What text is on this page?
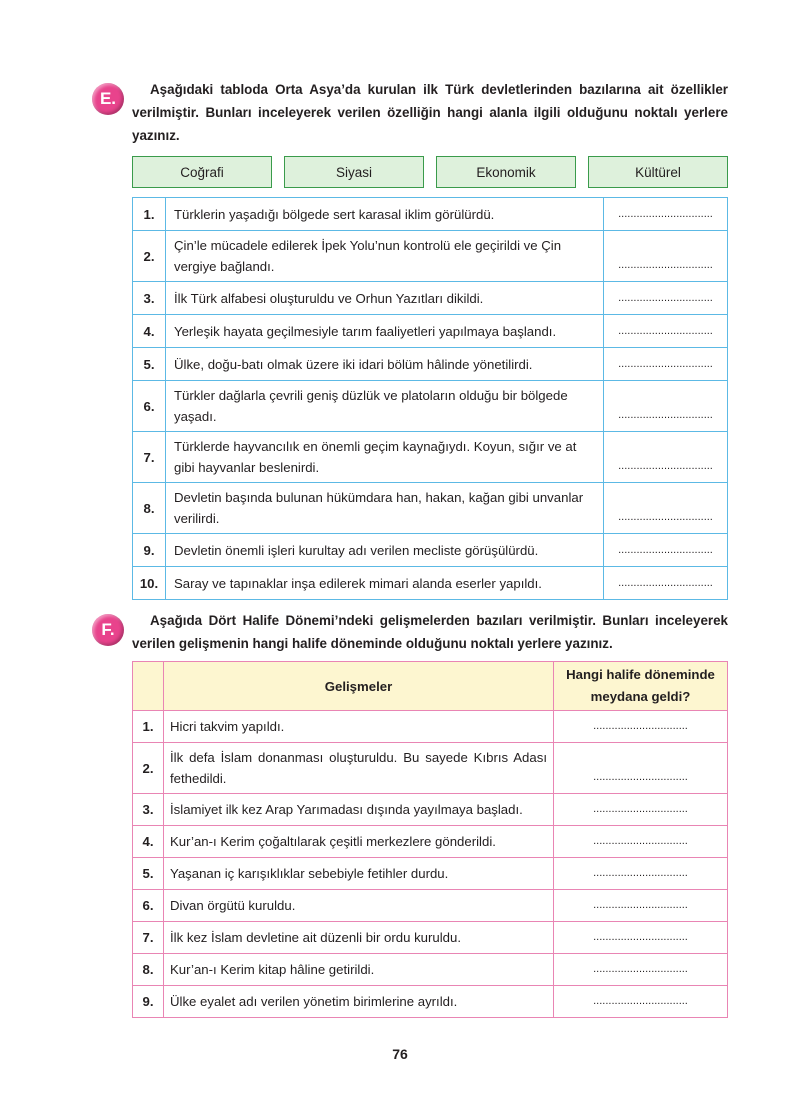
E.	Aşağıdaki tabloda Orta Asya’da kurulan ilk Türk devletlerinden bazılarına ait özellikler verilmiştir. Bunları inceleyerek verilen özelliğin hangi alanla ilgili olduğunu noktalı yerlere yazınız.

Coğrafi	Siyasi	Ekonomik	Kültürel
1.	Türklerin yaşadığı bölgede sert karasal iklim görülürdü.	...............................
2.	Çin’le mücadele edilerek İpek Yolu’nun kontrolü ele geçirildi ve Çin vergiye bağlandı.	...............................
3.	İlk Türk alfabesi oluşturuldu ve Orhun Yazıtları dikildi.	...............................
4.	Yerleşik hayata geçilmesiyle tarım faaliyetleri yapılmaya başlandı.	...............................
5.	Ülke, doğu-batı olmak üzere iki idari bölüm hâlinde yönetilirdi.	...............................
6.	Türkler dağlarla çevrili geniş düzlük ve platoların olduğu bir bölgede yaşadı.	...............................
7.	Türklerde hayvancılık en önemli geçim kaynağıydı. Koyun, sığır ve at gibi hayvanlar beslenirdi.	...............................
8.	Devletin başında bulunan hükümdara han, hakan, kağan gibi unvanlar verilirdi.	...............................
9.	Devletin önemli işleri kurultay adı verilen mecliste görüşülürdü.	...............................
10.	Saray ve tapınaklar inşa edilerek mimari alanda eserler yapıldı.	...............................
F.	Aşağıda Dört Halife Dönemi’ndeki gelişmelerden bazıları verilmiştir. Bunları inceleyerek verilen gelişmenin hangi halife döneminde olduğunu noktalı yerlere yazınız.

	Gelişmeler	Hangi halife döneminde meydana geldi?
1.	Hicri takvim yapıldı.	...............................
2.	İlk defa İslam donanması oluşturuldu. Bu sayede Kıbrıs Adası fethedildi.	...............................
3.	İslamiyet ilk kez Arap Yarımadası dışında yayılmaya başladı.	...............................
4.	Kur’an-ı Kerim çoğaltılarak çeşitli merkezlere gönderildi.	...............................
5.	Yaşanan iç karışıklıklar sebebiyle fetihler durdu.	...............................
6.	Divan örgütü kuruldu.	...............................
7.	İlk kez İslam devletine ait düzenli bir ordu kuruldu.	...............................
8.	Kur’an-ı Kerim kitap hâline getirildi.	...............................
9.	Ülke eyalet adı verilen yönetim birimlerine ayrıldı.	...............................
76
